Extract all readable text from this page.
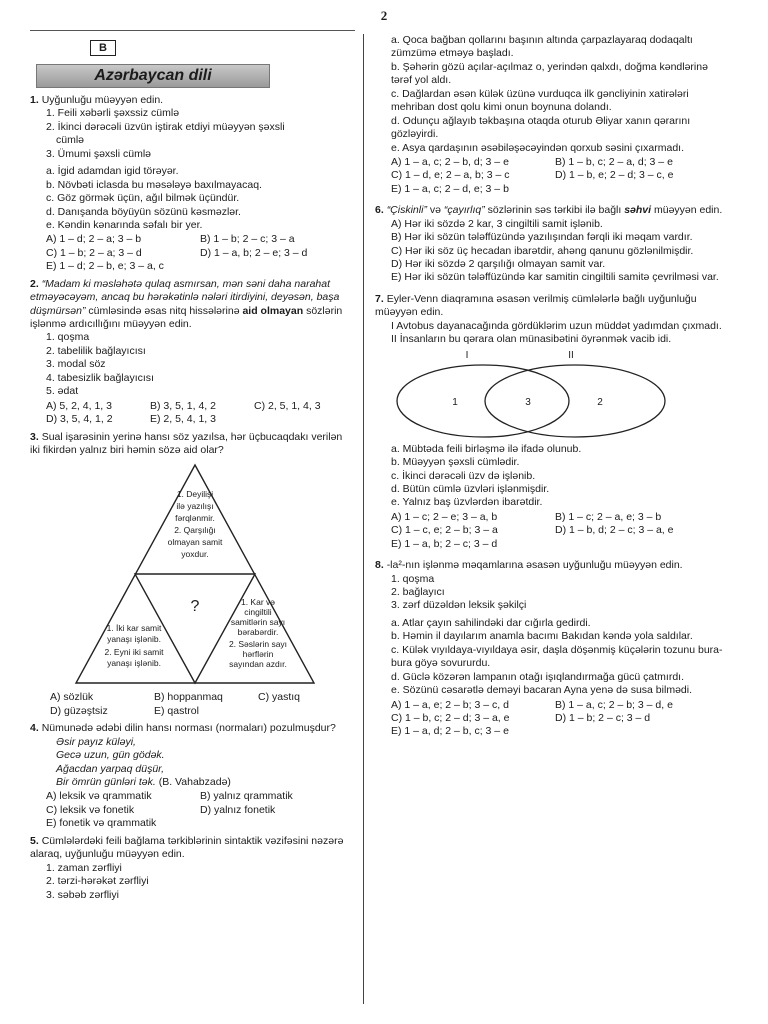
2
B
Azərbaycan dili
1. Uyğunluğu müəyyən edin.
1. Feili xəbərli şəxssiz cümlə
2. İkinci dərəcəli üzvün iştirak etdiyi müəyyən şəxsli
cümlə
3. Ümumi şəxsli cümlə
a. İgid adamdan igid törəyər.
b. Növbəti iclasda bu məsələyə baxılmayacaq.
c. Göz görmək üçün, ağıl bilmək üçündür.
d. Danışanda böyüyün sözünü kəsməzlər.
e. Kəndin kənarında səfalı bir yer.
A) 1 – d; 2 – a; 3 – b	B) 1 – b; 2 – c; 3 – a
C) 1 – b; 2 – a; 3 – d	D) 1 – a, b; 2 – e; 3 – d
E) 1 – d; 2 – b, e; 3 – a, c
2. “Madam ki məsləhətə qulaq asmırsan, mən səni daha narahat etməyəcəyəm, ancaq bu hərəkətinlə nələri itirdiyini, deyəsən, başa düşmürsən” cümləsində əsas nitq hissələrinə aid olmayan sözlərin işlənmə ardıcıllığını müəyyən edin.
1. qoşma
2. tabelilik bağlayıcısı
3. modal söz
4. tabesizlik bağlayıcısı
5. ədat
A) 5, 2, 4, 1, 3	B) 3, 5, 1, 4, 2	C) 2, 5, 1, 4, 3
D) 3, 5, 4, 1, 2	E) 2, 5, 4, 1, 3
3. Sual işarəsinin yerinə hansı söz yazılsa, hər üçbucaqdakı verilən iki fikirdən yalnız biri həmin sözə aid olar?
1. Deyilişi
ilə yazılışı
fərqlənmir.
2. Qarşılığı
olmayan samit
yoxdur.
?
1. İki kar samit
yanaşı işlənib.
2. Eyni iki samit
yanaşı işlənib.
1. Kar və
cingiltili
samitlərin sayı
bərabərdir.
2. Səslərin sayı
hərflərin
sayından azdır.
A) sözlük	B) hoppanmaq	C) yastıq
D) güzəştsiz	E) qastrol
4. Nümunədə ədəbi dilin hansı norması (normaları) pozulmuşdur?
Əsir payız küləyi,
Gecə uzun, gün gödək.
Ağacdan yarpaq düşür,
Bir ömrün günləri tək. (B. Vahabzadə)
A) leksik və qrammatik	B) yalnız qrammatik
C) leksik və fonetik	D) yalnız fonetik
E) fonetik və qrammatik
5. Cümlələrdəki feili bağlama tərkiblərinin sintaktik vəzifəsini nəzərə alaraq, uyğunluğu müəyyən edin.
1. zaman zərfliyi
2. tərzi-hərəkət zərfliyi
3. səbəb zərfliyi
a. Qoca bağban qollarını başının altında çarpazlayaraq dodaqaltı zümzümə etməyə başladı.
b. Şəhərin gözü açılar-açılmaz o, yerindən qalxdı, doğma kəndlərinə tərəf yol aldı.
c. Dağlardan əsən külək üzünə vurduqca ilk gəncliyinin xatirələri mehriban dost qolu kimi onun boynuna dolandı.
d. Odunçu ağlayıb təkbaşına otaqda oturub Əliyar xanın qərarını gözləyirdi.
e. Asya qardaşının əsəbiləşəcəyindən qorxub səsini çıxarmadı.
A) 1 – a, c; 2 – b, d; 3 – e	B) 1 – b, c; 2 – a, d; 3 – e
C) 1 – d, e; 2 – a, b; 3 – c	D) 1 – b, e; 2 – d; 3 – c, e
E) 1 – a, c; 2 – d, e; 3 – b
6. “Çiskinli” və “çayırlıq” sözlərinin səs tərkibi ilə bağlı səhvi müəyyən edin.
A) Hər iki sözdə 2 kar, 3 cingiltili samit işlənib.
B) Hər iki sözün tələffüzündə yazılışından fərqli iki məqam vardır.
C) Hər iki söz üç hecadan ibarətdir, ahəng qanunu gözlənilmişdir.
D) Hər iki sözdə 2 qarşılığı olmayan samit var.
E) Hər iki sözün tələffüzündə kar samitin cingiltili samitə çevrilməsi var.
7. Eyler-Venn diaqramına əsasən verilmiş cümlələrlə bağlı uyğunluğu müəyyən edin.
I Avtobus dayanacağında gördüklərim uzun müddət yadımdan çıxmadı.
II İnsanların bu qərara olan münasibətini öyrənmək vacib idi.
I	II
1	3	2
a. Mübtəda feili birləşmə ilə ifadə olunub.
b. Müəyyən şəxsli cümlədir.
c. İkinci dərəcəli üzv də işlənib.
d. Bütün cümlə üzvləri işlənmişdir.
e. Yalnız baş üzvlərdən ibarətdir.
A) 1 – c; 2 – e; 3 – a, b	B) 1 – c; 2 – a, e; 3 – b
C) 1 – c, e; 2 – b; 3 – a	D) 1 – b, d; 2 – c; 3 – a, e
E) 1 – a, b; 2 – c; 3 – d
8. -la²-nın işlənmə məqamlarına əsasən uyğunluğu müəyyən edin.
1. qoşma
2. bağlayıcı
3. zərf düzəldən leksik şəkilçi
a. Atlar çayın sahilindəki dar cığırla gedirdi.
b. Həmin il dayılarım anamla bacımı Bakıdan kəndə yola saldılar.
c. Külək vıyıldaya-vıyıldaya əsir, daşla döşənmiş küçələrin tozunu bura-bura göyə sovururdu.
d. Güclə közərən lampanın otağı işıqlandırmağa gücü çatmırdı.
e. Sözünü cəsarətlə deməyi bacaran Ayna yenə də susa bilmədi.
A) 1 – a, e; 2 – b; 3 – c, d	B) 1 – a, c; 2 – b; 3 – d, e
C) 1 – b, c; 2 – d; 3 – a, e	D) 1 – b; 2 – c; 3 – d
E) 1 – a, d; 2 – b, c; 3 – e
